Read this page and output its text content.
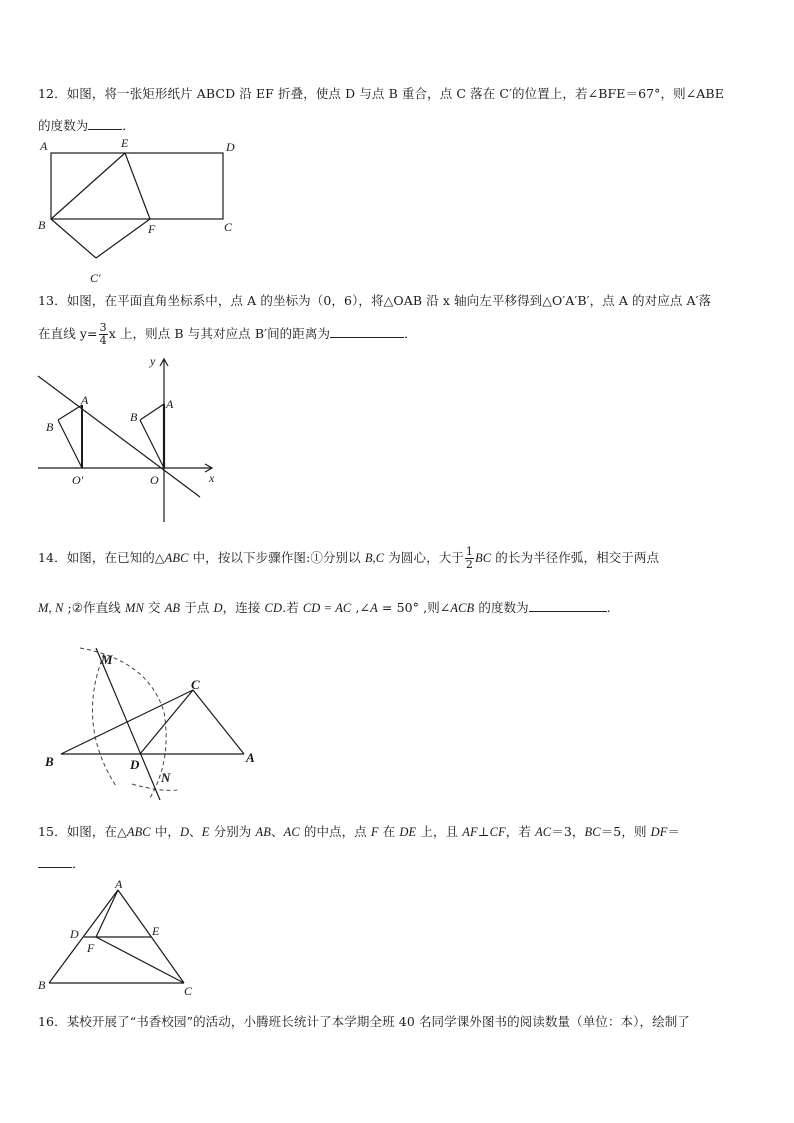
12．如图，将一张矩形纸片 ABCD 沿 EF 折叠，使点 D 与点 B 重合，点 C 落在 C′的位置上，若∠BFE＝67°，则∠ABE
的度数为	．
A	E	D
B	F	C
C′
13．如图，在平面直角坐标系中，点 A 的坐标为（0，6），将△OAB 沿 x 轴向左平移得到△O′A′B′，点 A 的对应点 A′落
在直线 $y= \frac{3}{4}$ x 上，则点 B 与其对应点 B′间的距离为	．
y
x
O
O′
A	A
B
B
14．如图，在已知的△ABC 中，按以下步骤作图:①分别以 B,C 为圆心，大于 $\frac{1}{2}$ BC 的长为半径作弧，相交于两点
M, N ;②作直线 MN 交 AB 于点 D，连接 CD.若 CD = AC ,∠A = 50° ,则∠ACB 的度数为	.
M
C
B	D	A
N
15．如图，在△ABC 中，D、E 分别为 AB、AC 的中点，点 F 在 DE 上，且 AF⊥CF，若 AC＝3，BC＝5，则 DF＝
．
A
D	E
F
B	C
16．某校开展了“书香校园”的活动，小腾班长统计了本学期全班 40 名同学课外图书的阅读数量（单位：本），绘制了
